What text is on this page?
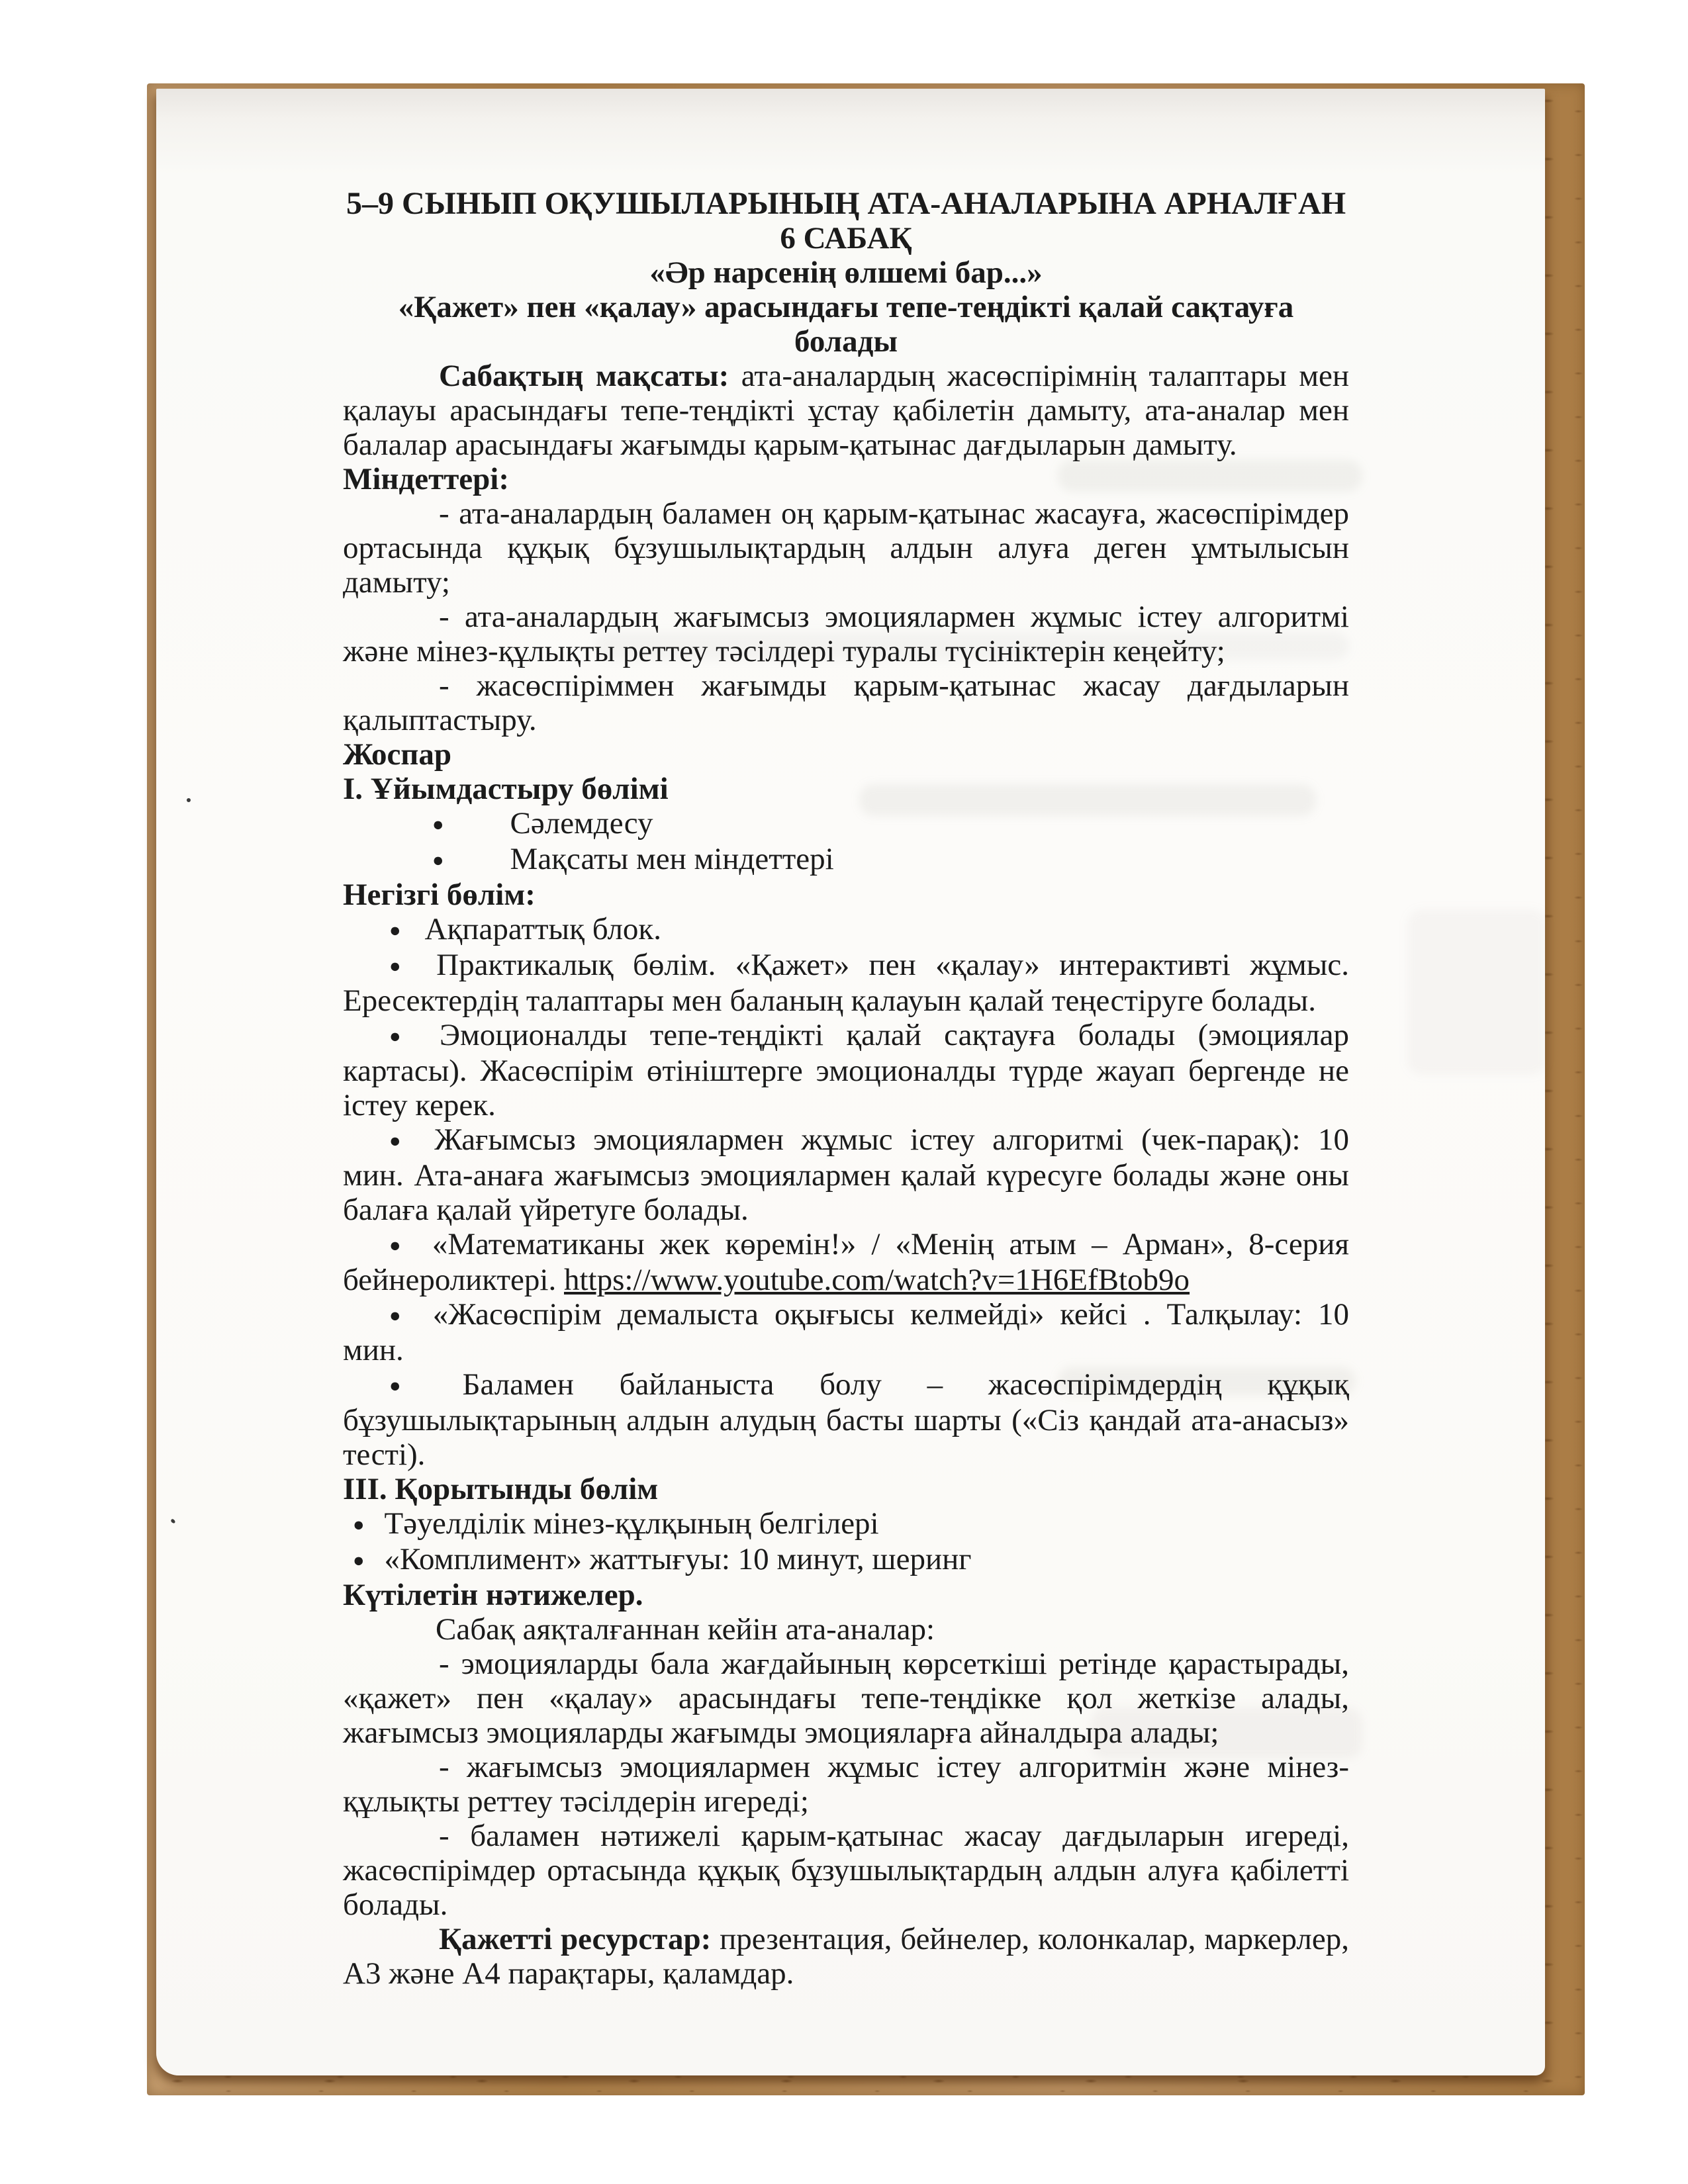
5–9 СЫНЫП ОҚУШЫЛАРЫНЫҢ АТА-АНАЛАРЫНА АРНАЛҒАН

6 САБАҚ

«Әр нарсенің өлшемі бар...»

«Қажет» пен «қалау» арасындағы тепе-теңдікті қалай сақтауға болады

Сабақтың мақсаты: ата-аналардың жасөспірімнің талаптары мен қалауы арасындағы тепе-теңдікті ұстау қабілетін дамыту, ата-аналар мен балалар арасындағы жағымды қарым-қатынас дағдыларын дамыту.

Міндеттері:

- ата-аналардың баламен оң қарым-қатынас жасауға, жасөспірімдер ортасында құқық бұзушылықтардың алдын алуға деген ұмтылысын дамыту;

- ата-аналардың жағымсыз эмоциялармен жұмыс істеу алгоритмі және мінез-құлықты реттеу тәсілдері туралы түсініктерін кеңейту;

- жасөспіріммен жағымды қарым-қатынас жасау дағдыларын қалыптастыру.

Жоспар

I. Ұйымдастыру бөлімі

● Сәлемдесу

● Мақсаты мен міндеттері

Негізгі бөлім:

● Ақпараттық блок.

● Практикалық бөлім. «Қажет» пен «қалау» интерактивті жұмыс. Ересектердің талаптары мен баланың қалауын қалай теңестіруге болады.

● Эмоционалды тепе-теңдікті қалай сақтауға болады (эмоциялар картасы). Жасөспірім өтініштерге эмоционалды түрде жауап бергенде не істеу керек.

● Жағымсыз эмоциялармен жұмыс істеу алгоритмі (чек-парақ): 10 мин. Ата-анаға жағымсыз эмоциялармен қалай күресуге болады және оны балаға қалай үйретуге болады.

● «Математиканы жек көремін!» / «Менің атым – Арман», 8-серия бейнероликтері. https://www.youtube.com/watch?v=1H6EfBtob9o

● «Жасөспірім демалыста оқығысы келмейді» кейсі . Талқылау: 10 мин.

● Баламен байланыста болу – жасөспірімдердің құқық бұзушылықтарының алдын алудың басты шарты («Сіз қандай ата-анасыз» тесті).

III. Қорытынды бөлім

● Тәуелділік мінез-құлқының белгілері

● «Комплимент» жаттығуы: 10 минут, шеринг

Күтілетін нәтижелер.

Сабақ аяқталғаннан кейін ата-аналар:

- эмоцияларды бала жағдайының көрсеткіші ретінде қарастырады, «қажет» пен «қалау» арасындағы тепе-теңдікке қол жеткізе алады, жағымсыз эмоцияларды жағымды эмоцияларға айналдыра алады;

- жағымсыз эмоциялармен жұмыс істеу алгоритмін және мінез-құлықты реттеу тәсілдерін игереді;

- баламен нәтижелі қарым-қатынас жасау дағдыларын игереді, жасөспірімдер ортасында құқық бұзушылықтардың алдын алуға қабілетті болады.

Қажетті ресурстар: презентация, бейнелер, колонкалар, маркерлер, А3 және А4 парақтары, қаламдар.
